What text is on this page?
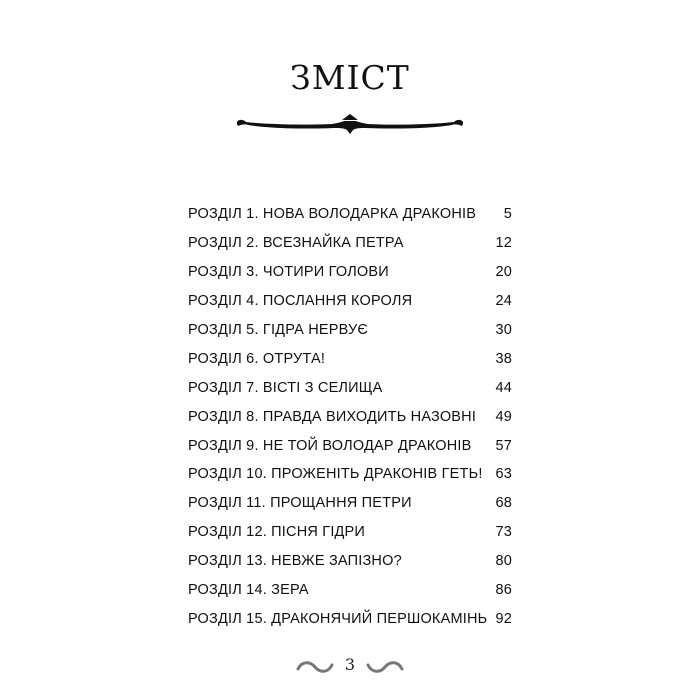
ЗМІСТ
РОЗДІЛ 1. НОВА ВОЛОДАРКА ДРАКОНІВ 5
РОЗДІЛ 2. ВСЕЗНАЙКА ПЕТРА	12
РОЗДІЛ 3. ЧОТИРИ ГОЛОВИ	20
РОЗДІЛ 4. ПОСЛАННЯ КОРОЛЯ	24
РОЗДІЛ 5. ГІДРА НЕРВУЄ	30
РОЗДІЛ 6. ОТРУТА!	38
РОЗДІЛ 7. ВІСТІ З СЕЛИЩА	44
РОЗДІЛ 8. ПРАВДА ВИХОДИТЬ НАЗОВНІ 49
РОЗДІЛ 9. НЕ ТОЙ ВОЛОДАР ДРАКОНІВ 57
РОЗДІЛ 10. ПРОЖЕНІТЬ ДРАКОНІВ ГЕТЬ! 63
РОЗДІЛ 11. ПРОЩАННЯ ПЕТРИ	68
РОЗДІЛ 12. ПІСНЯ ГІДРИ	73
РОЗДІЛ 13. НЕВЖЕ ЗАПІЗНО?	80
РОЗДІЛ 14. ЗЕРА	86
РОЗДІЛ 15. ДРАКОНЯЧИЙ ПЕРШОКАМІНЬ 92
3
